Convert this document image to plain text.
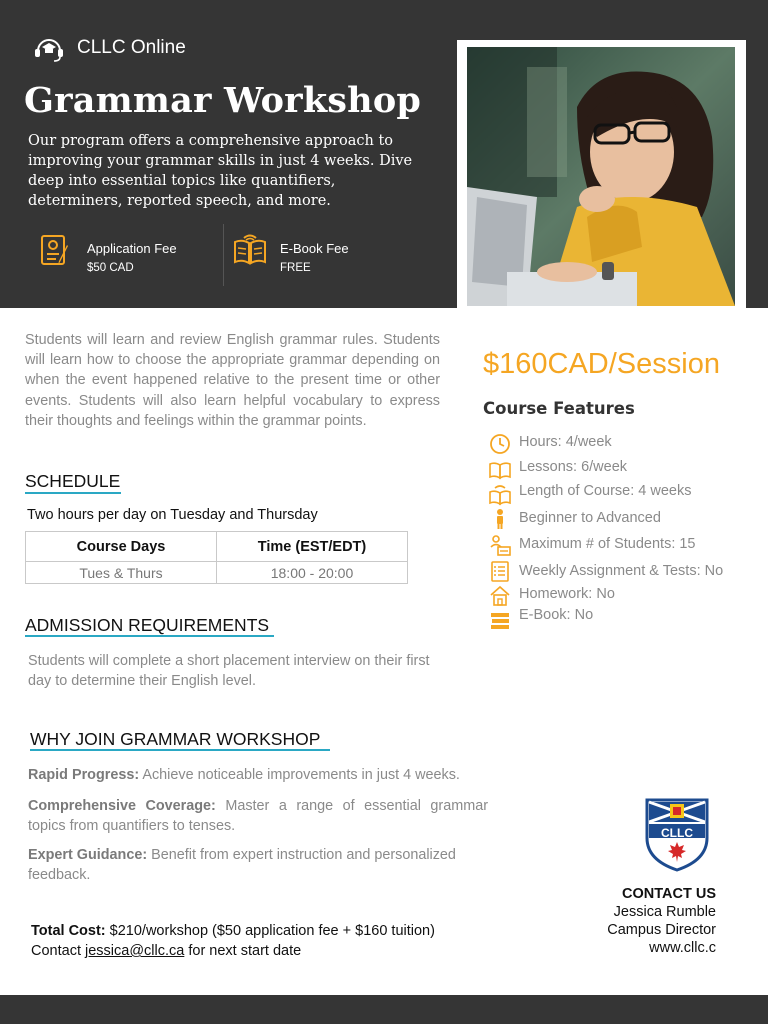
CLLC Online
Grammar Workshop
Our program offers a comprehensive approach to improving your grammar skills in just 4 weeks. Dive deep into essential topics like quantifiers, determiners, reported speech, and more.
Application Fee
$50 CAD
E-Book Fee
FREE
Students will learn and review English grammar rules. Students will learn how to choose the appropriate grammar depending on when the event happened relative to the present time or other events. Students will also learn helpful vocabulary to express their thoughts and feelings within the grammar points.
SCHEDULE
Two hours per day on Tuesday and Thursday
Course Days	Time (EST/EDT)
Tues & Thurs	18:00 - 20:00
ADMISSION REQUIREMENTS
Students will complete a short placement interview on their first day to determine their English level.
WHY JOIN GRAMMAR WORKSHOP
Rapid Progress: Achieve noticeable improvements in just 4 weeks.
Comprehensive Coverage: Master a range of essential grammar topics from quantifiers to tenses.
Expert Guidance: Benefit from expert instruction and personalized feedback.
Total Cost: $210/workshop ($50 application fee + $160 tuition)
Contact jessica@cllc.ca for next start date
$160CAD/Session
Course Features
Hours: 4/week
Lessons: 6/week
Length of Course: 4 weeks
Beginner to Advanced
Maximum # of Students: 15
Weekly Assignment & Tests: No
Homework: No
E-Book: No
CLLC
CONTACT US
Jessica Rumble
Campus Director
www.cllc.c
